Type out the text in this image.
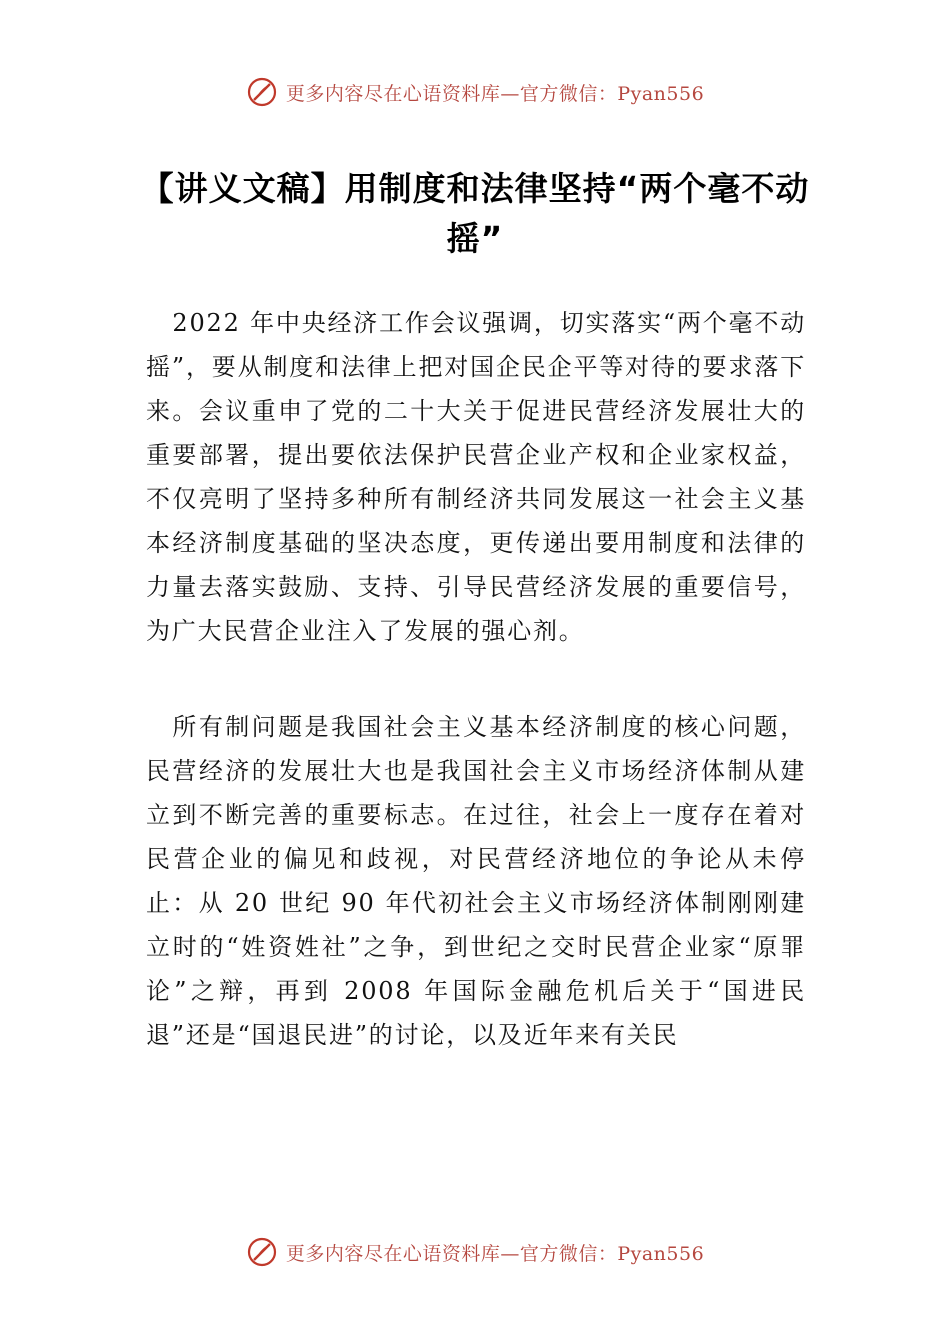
更多内容尽在心语资料库—官方微信：Pyan556
【讲义文稿】用制度和法律坚持“两个毫不动摇”

2022 年中央经济工作会议强调，切实落实“两个毫不动摇”，要从制度和法律上把对国企民企平等对待的要求落下来。会议重申了党的二十大关于促进民营经济发展壮大的重要部署，提出要依法保护民营企业产权和企业家权益，不仅亮明了坚持多种所有制经济共同发展这一社会主义基本经济制度基础的坚决态度，更传递出要用制度和法律的力量去落实鼓励、支持、引导民营经济发展的重要信号，为广大民营企业注入了发展的强心剂。

所有制问题是我国社会主义基本经济制度的核心问题，民营经济的发展壮大也是我国社会主义市场经济体制从建立到不断完善的重要标志。在过往，社会上一度存在着对民营企业的偏见和歧视，对民营经济地位的争论从未停止：从 20 世纪 90 年代初社会主义市场经济体制刚刚建立时的“姓资姓社”之争，到世纪之交时民营企业家“原罪论”之辩，再到 2008 年国际金融危机后关于“国进民退”还是“国退民进”的讨论，以及近年来有关民

更多内容尽在心语资料库—官方微信：Pyan556
